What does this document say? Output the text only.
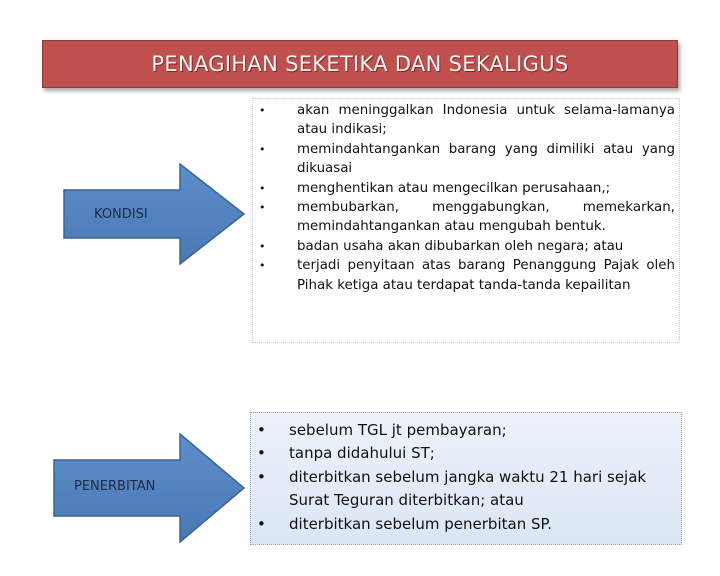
PENAGIHAN SEKETIKA DAN SEKALIGUS
KONDISI
PENERBITAN
• akan meninggalkan Indonesia untuk selama-lamanya atau indikasi;
• memindahtangankan barang yang dimiliki atau yang dikuasai
• menghentikan atau mengecilkan perusahaan,;
• membubarkan, menggabungkan, memekarkan, memindahtangankan atau mengubah bentuk.
• badan usaha akan dibubarkan oleh negara; atau
• terjadi penyitaan atas barang Penanggung Pajak oleh Pihak ketiga atau terdapat tanda-tanda kepailitan
• sebelum TGL jt pembayaran;
• tanpa didahului ST;
• diterbitkan sebelum jangka waktu 21 hari sejak Surat Teguran diterbitkan; atau
• diterbitkan sebelum penerbitan SP.
